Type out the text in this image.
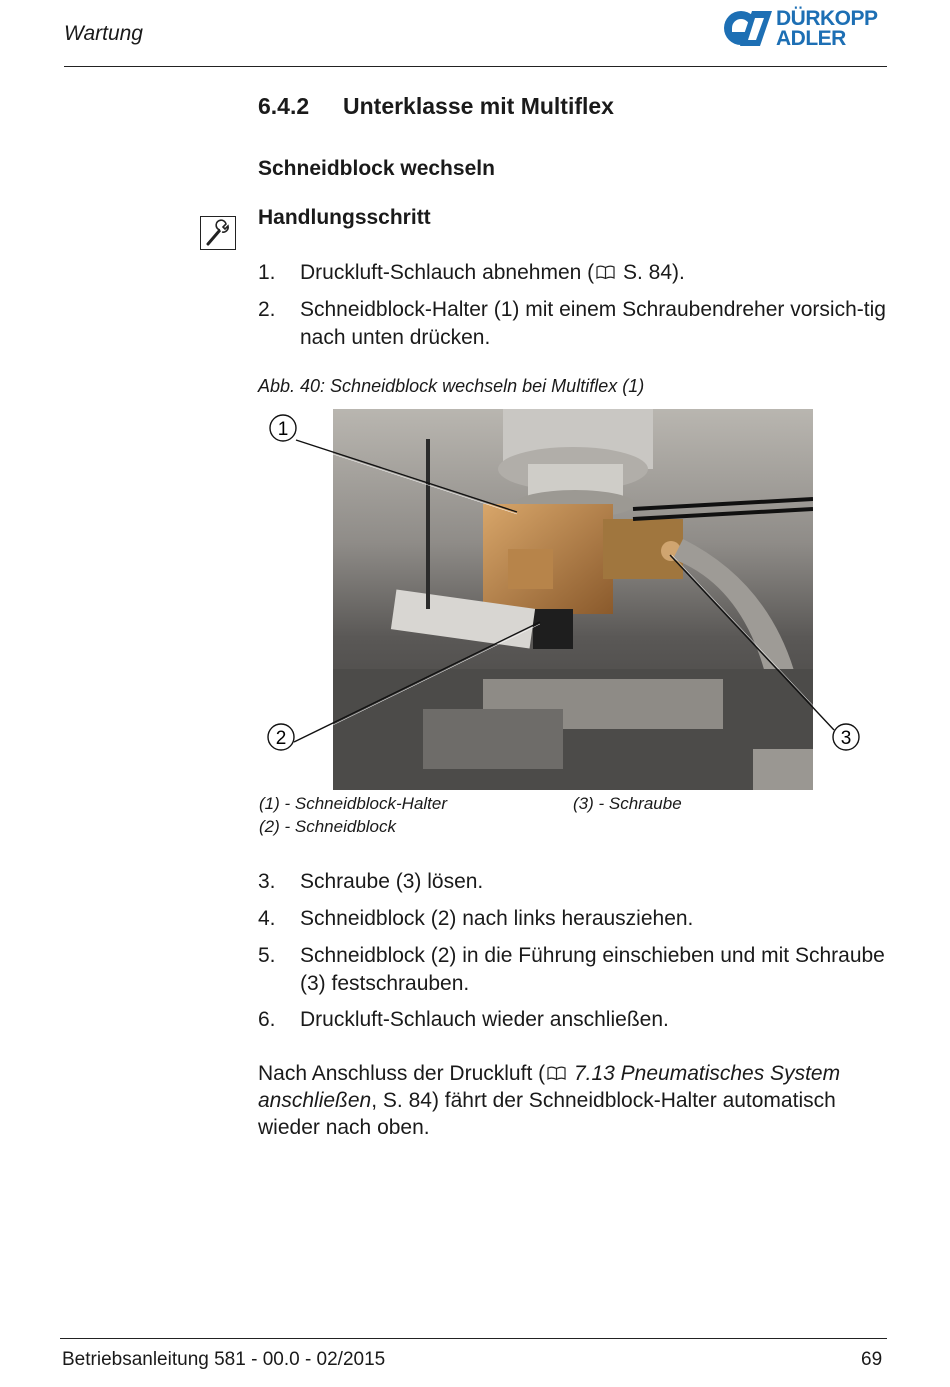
Wartung
DÜRKOPP
ADLER
6.4.2 Unterklasse mit Multiflex
Schneidblock wechseln
Handlungsschritt
1. Druckluft-Schlauch abnehmen ( S. 84).
2. Schneidblock-Halter (1) mit einem Schraubendreher vorsich-tig nach unten drücken.
Abb. 40: Schneidblock wechseln bei Multiflex (1)
1
2	3
(1) - Schneidblock-Halter
(2) - Schneidblock
(3) - Schraube
3. Schraube (3) lösen.
4. Schneidblock (2) nach links herausziehen.
5. Schneidblock (2) in die Führung einschieben und mit Schraube (3) festschrauben.
6. Druckluft-Schlauch wieder anschließen.
Nach Anschluss der Druckluft ( 7.13 Pneumatisches System anschließen, S. 84) fährt der Schneidblock-Halter automatisch wieder nach oben.
Betriebsanleitung 581 - 00.0 - 02/2015	69
